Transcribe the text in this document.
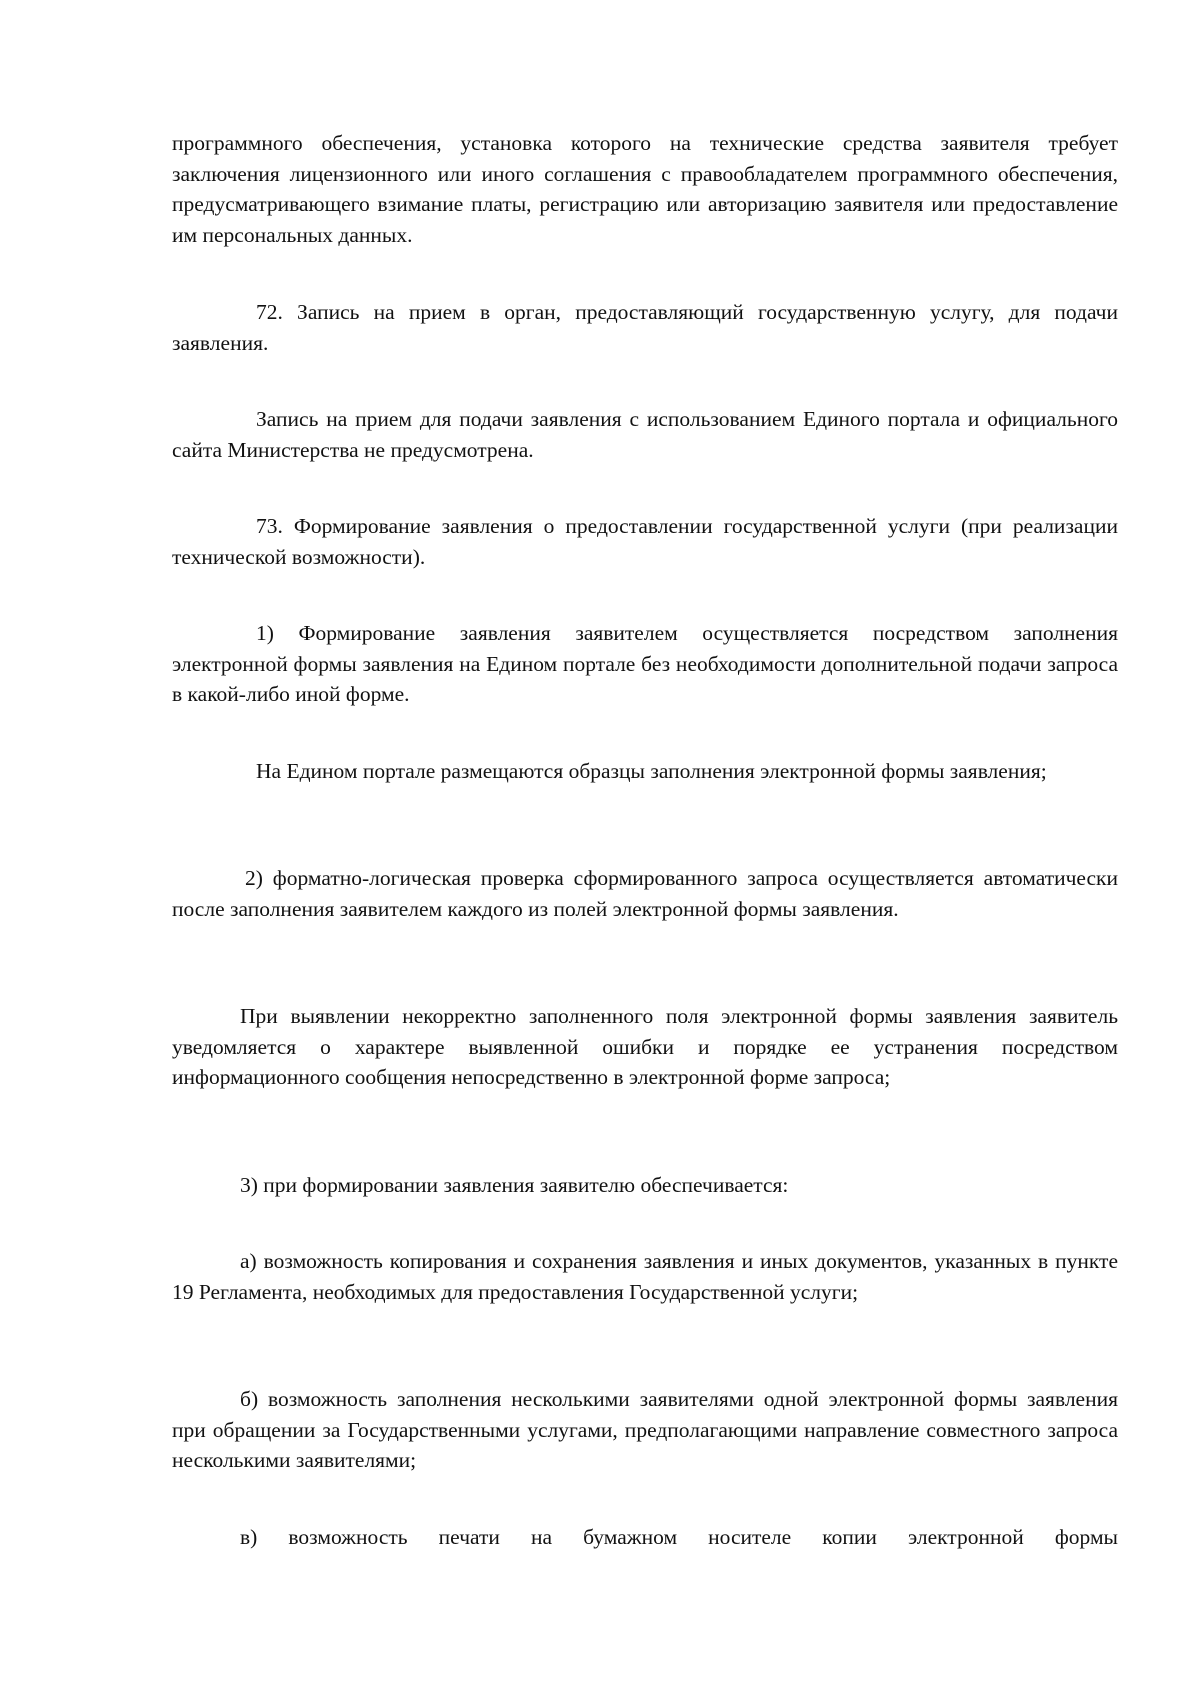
программного обеспечения, установка которого на технические средства заявителя требует заключения лицензионного или иного соглашения с правообладателем программного обеспечения, предусматривающего взимание платы, регистрацию или авторизацию заявителя или предоставление им персональных данных.

72. Запись на прием в орган, предоставляющий государственную услугу, для подачи заявления.

Запись на прием для подачи заявления с использованием Единого портала и официального сайта Министерства не предусмотрена.

73. Формирование заявления о предоставлении государственной услуги (при реализации технической возможности).

1) Формирование заявления заявителем осуществляется посредством заполнения электронной формы заявления на Едином портале без необходимости дополнительной подачи запроса в какой-либо иной форме.

На Едином портале размещаются образцы заполнения электронной формы заявления;

2) форматно-логическая проверка сформированного запроса осуществляется автоматически после заполнения заявителем каждого из полей электронной формы заявления.

При выявлении некорректно заполненного поля электронной формы заявления заявитель уведомляется о характере выявленной ошибки и порядке ее устранения посредством информационного сообщения непосредственно в электронной форме запроса;

3) при формировании заявления заявителю обеспечивается:

а) возможность копирования и сохранения заявления и иных документов, указанных в пункте 19 Регламента, необходимых для предоставления Государственной услуги;

б) возможность заполнения несколькими заявителями одной электронной формы заявления при обращении за Государственными услугами, предполагающими направление совместного запроса несколькими заявителями;

в) возможность печати на бумажном носителе копии электронной формы
